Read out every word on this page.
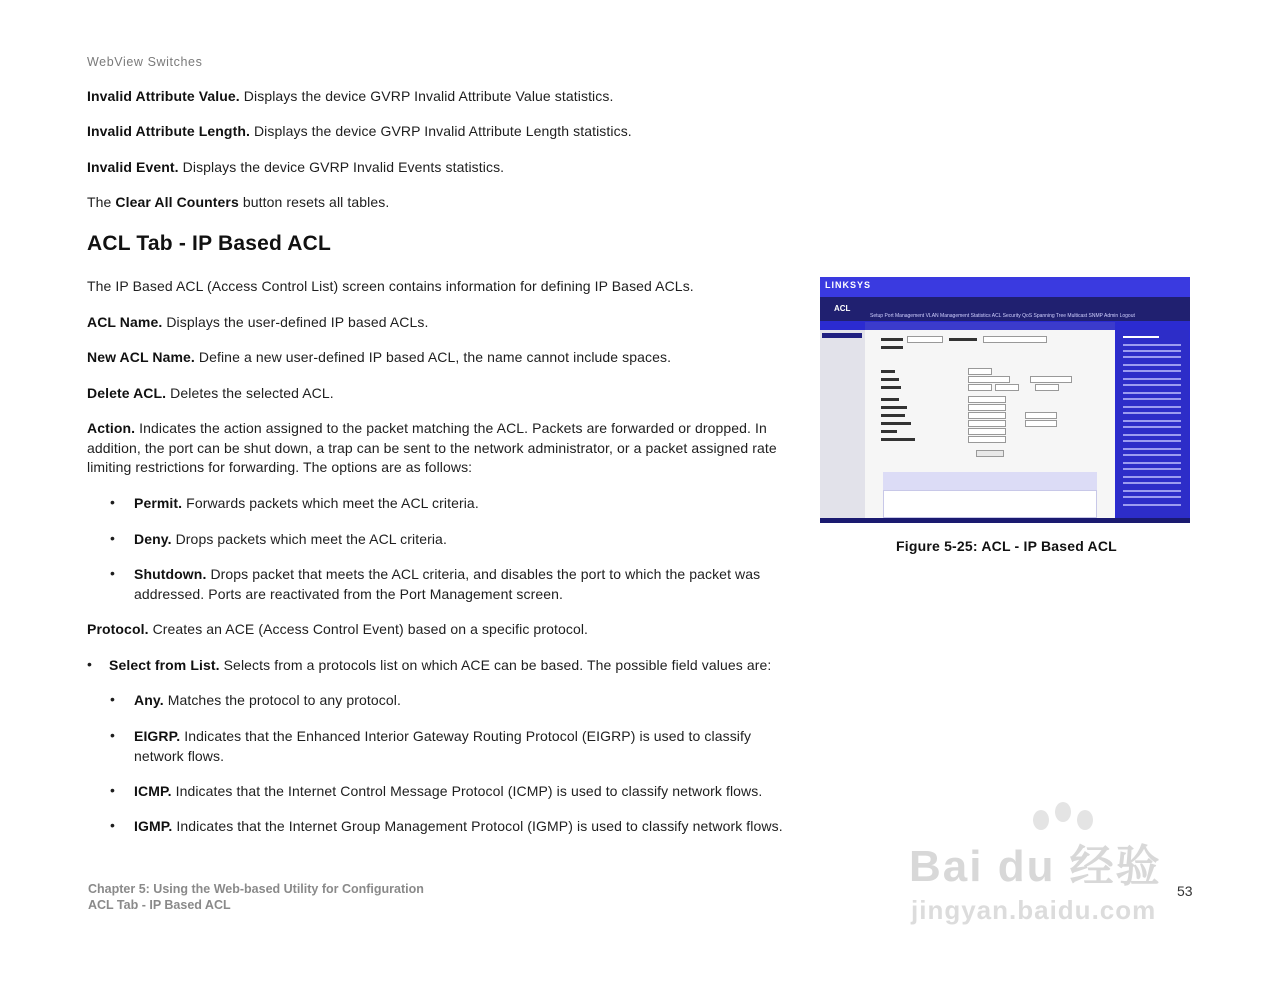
WebView Switches
Invalid Attribute Value. Displays the device GVRP Invalid Attribute Value statistics.
Invalid Attribute Length. Displays the device GVRP Invalid Attribute Length statistics.
Invalid Event. Displays the device GVRP Invalid Events statistics.
The Clear All Counters button resets all tables.
ACL Tab - IP Based ACL
The IP Based ACL (Access Control List) screen contains information for defining IP Based ACLs.
ACL Name. Displays the user-defined IP based ACLs.
New ACL Name. Define a new user-defined IP based ACL, the name cannot include spaces.
Delete ACL. Deletes the selected ACL.
Action. Indicates the action assigned to the packet matching the ACL. Packets are forwarded or dropped. In addition, the port can be shut down, a trap can be sent to the network administrator, or a packet assigned rate limiting restrictions for forwarding. The options are as follows:
• Permit. Forwards packets which meet the ACL criteria.
• Deny. Drops packets which meet the ACL criteria.
• Shutdown. Drops packet that meets the ACL criteria, and disables the port to which the packet was addressed. Ports are reactivated from the Port Management screen.
Protocol. Creates an ACE (Access Control Event) based on a specific protocol.
• Select from List. Selects from a protocols list on which ACE can be based. The possible field values are:
• Any. Matches the protocol to any protocol.
• EIGRP. Indicates that the Enhanced Interior Gateway Routing Protocol (EIGRP) is used to classify network flows.
• ICMP. Indicates that the Internet Control Message Protocol (ICMP) is used to classify network flows.
• IGMP. Indicates that the Internet Group Management Protocol (IGMP) is used to classify network flows.
LINKSYS
ACL
Setup Port Management VLAN Management Statistics ACL Security QoS Spanning Tree Multicast SNMP Admin Logout
Figure 5-25: ACL - IP Based ACL
Chapter 5: Using the Web-based Utility for Configuration
ACL Tab - IP Based ACL
53
Bai du 经验
jingyan.baidu.com
